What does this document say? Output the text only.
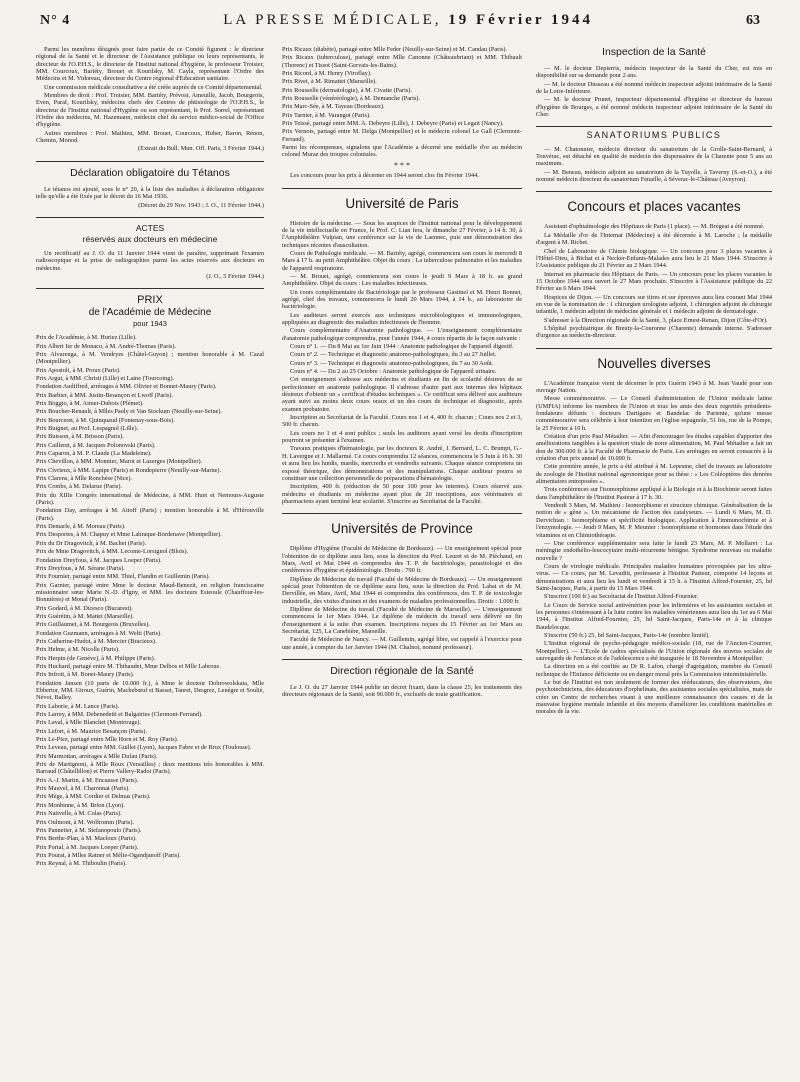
N° 4	LA PRESSE MÉDICALE, 19 Février 1944	63

Parmi les membres désignés pour faire partie de ce Comité figurent : le directeur régional de la Santé et le directeur de l'Assistance publique ou leurs représentants, le directeur de l'O.P.H.S., le directeur de l'Institut national d'hygiène, le professeur Troisier, MM. Courcoux, Bariéty, Brouet et Kourilsky, M. Cayla, représentant l'Ordre des Médecins et M. Vidoreau, directeur du Centre régional d'Education sanitaire.

Une commission médicale consultative a été créée auprès de ce Comité départemental.

Membres de droit : Prof. Troisier, MM. Bariéty, Prévost, Ameuille, Jacob, Bourgeois, Even, Paraf, Kourilsky, médecins chefs des Centres de phtisiologie de l'O.P.H.S., le directeur de l'Institut national d'Hygiène ou son représentant, le Prof. Sorrel, représentant l'Ordre des médecins, M. Hazemann, médecin chef du service médico-social de l'Office d'hygiène.

Autres membres : Prof. Mathieu, MM. Brouet, Courcoux, Huber, Baron, Rénon, Chemin, Monod.

(Extrait du Bull. Mun. Off. Paris, 3 Février 1944.)

Déclaration obligatoire du Tétanos

Le tétanos est ajouté, sous le n° 20, à la liste des maladies à déclaration obligatoire telle qu'elle a été fixée par le décret du 16 Mai 1936.

(Décret du 29 Nov. 1943 ; J. O., 11 Février 1944.)

ACTES
réservés aux docteurs en médecine

Un rectificatif au J. O. du 11 Janvier 1944 vient de paraître, supprimant l'examen radioscopique et la prise de radiographies parmi les actes réservés aux docteurs en médecine.

(J. O., 5 Février 1944.)

PRIX
de l'Académie de Médecine
pour 1943

Prix de l'Académie, à M. Huriez (Lille).

Prix Albert Ier de Monaco, à M. André-Thomas (Paris).

Prix Alvarenga, à M. Vendryes (Châtel-Guyon) ; mention honorable à M. Cazal (Montpellier).

Prix Apostoli, à M. Proux (Paris).

Prix Argut, à MM. Christi (Lille) et Laine (Tourcoing).

Fondation Audiffred, arrérages à MM. Olivier et Bonnet-Maury (Paris).

Prix Barbier, à MM. Justin-Besançon et Lwoff (Paris).

Prix Boggio, à M. Aimer-Dubois (Plémet).

Prix Boucher-Renault, à Mlles Pauly et Van Stockum (Neuilly-sur-Seine).

Prix Bourceret, à M. Quinquaud (Fontenay-sous-Bois).

Prix Buignet, au Prof. Lespagnol (Lille).

Prix Buisson, à M. Brisson (Paris).

Prix Cailleret, à M. Jacques Polonovski (Paris).

Prix Caparon, à M. P. Claude (La Madeleine).

Prix Chevillon, à MM. Monnier, Marot et Lazerges (Montpellier).

Prix Civrieux, à MM. Lapipe (Paris) et Rondepierre (Neuilly-sur-Marne).

Prix Clarens, à Mlle Ronchèse (Nice).

Prix Combs, à M. Delarue (Paris).

Prix du XIIIe Congrès international de Médecine, à MM. Huet et Nemours-Auguste (Paris).

Fondation Day, arrérages à M. Aitoff (Paris) ; mention honorable à M. d'Hérouville (Paris).

Prix Demarle, à M. Moreau (Paris).

Prix Desportes, à M. Chapuy et Mme Labraque-Bordenave (Montpellier).

Prix du Dr Dragovitch, à M. Bachet (Paris).

Prix de Mme Dragovitch, à MM. Leconte-Lorsignol (Blois).

Fondation Dreyfous, à M. Jacques Loeper (Paris).

Prix Dreyfous, à M. Sérane (Paris).

Prix Fournier, partagé entre MM. Thiel, Flandin et Guillemin (Paris).

Prix Garnier, partagé entre Mme le docteur Maud-Benezit, en religion franciscaine missionnaire sœur Marie N.-D. d'Igny, et MM. les docteurs Esteoule (Chauffour-les-Bonnières) et Monal (Paris).

Prix Godard, à M. Dicesco (Bucarest).

Prix Guérétin, à M. Mattei (Marseille).

Prix Guillaumet, à M. Bourgeois (Bruxelles).

Fondation Guzmann, arrérages à M. Welti (Paris).

Prix Catherine-Hudot, à M. Mercier (Bracieux).

Prix Helme, à M. Nicolle (Paris).

Prix Herpin (de Genève), à M. Philippe (Paris).

Prix Huchard, partagé entre M. Thibaudet, Mme Delbos et Mlle Labroue.

Prix Infroit, à M. Bonet-Maury (Paris).

Fondation Jansen (10 parts de 10.000 fr.), à Mme le docteur Dobrowolskaia, Mlle Ebbertor, MM. Giroux, Guérin, Machebœuf et Basset, Tanret, Desgrez, Lenègre et Soulié, Névot, Balley.

Prix Laborie, à M. Lance (Paris).

Prix Larrey, à MM. Debenedetti et Balgairies (Clermont-Ferrand).

Prix Laval, à Mlle Blanchet (Montrouge).

Prix Lefort, à M. Maurice Besançon (Paris).

Prix Le-Piez, partagé entre Mlle Horn et M. Roy (Paris).

Prix Leveau, partagé entre MM. Guillet (Lyon), Jacques Fabre et de Brux (Toulouse).

Prix Marmottan, arrérages à Mlle Dufau (Paris).

Prix de Martignoni, à Mlle Roux (Versailles) ; deux mentions très honorables à MM. Barraud (Châtellillon) et Pierre Vallery-Radot (Paris).

Prix A.-J. Martin, à M. Encausse (Paris).

Prix Mauvel, à M. Charonnat (Paris).

Prix Mège, à MM. Cordier et Delmas (Paris).

Prix Monbinne, à M. Brion (Lyon).

Prix Nativelle, à M. Colas (Paris).

Prix Oulmont, à M. Wolfromm (Paris).

Prix Pannetier, à M. Stefanopoulo (Paris).

Prix Berthe-Plan, à M. Macloux (Paris).

Prix Portal, à M. Jacques Loeper (Paris).

Prix Pourat, à Mlles Ratner et Mélie-Ogandjanoff (Paris).

Prix Reynal, à M. Thiboulin (Paris).

Prix Ricaux (diabète), partagé entre Mlle Feder (Neuilly-sur-Seine) et M. Candau (Paris).

Prix Ricaux (tuberculose), partagé entre Mlle Canonne (Châteaubriant) et MM. Thibault (Thorenc) et Tissot (Saint-Gervais-les-Bains).

Prix Ricord, à M. Henry (Viroflay).

Prix Rivet, à M. Rimattei (Marseille).

Prix Rousselle (dermatologie), à M. Civatte (Paris).

Prix Rousselle (vénéréologie), à M. Demanche (Paris).

Prix Marc-Sée, à M. Tayeau (Bordeaux).

Prix Tarnier, à M. Varangot (Paris).

Prix Teissé, partagé entre MM. A. Debeyre (Lille), J. Debeyre (Paris) et Legait (Nancy).

Prix Vernois, partagé entre M. Delga (Montpellier) et le médecin colonel Le Gall (Clermont-Ferrand).

Parmi les récompenses, signalons que l'Académie a décerné une médaille d'or au médecin colonel Muraz des troupes coloniales.

* * *

Les concours pour les prix à décerner en 1944 seront clos fin Février 1944.

Université de Paris

Histoire de la médecine. — Sous les auspices de l'Institut national pour le développement de la vie intellectuelle en France, le Prof. C. Lian fera, le dimanche 27 Février, à 14 h. 30, à l'Amphithéâtre Vulpian, une conférence sur la vie de Laennec, puis une démonstration des techniques récentes d'auscultation.

Cours de Pathologie médicale. — M. Bariéty, agrégé, commencera son cours le mercredi 8 Mars à 17 h. au petit Amphithéâtre. Objet du cours : La tuberculose pulmonaire et les maladies de l'appareil respiratoire.

— M. Brouet, agrégé, commencera son cours le jeudi 9 Mars à 18 h. au grand Amphithéâtre. Objet du cours : Les maladies infectieuses.

Un cours complémentaire de Bactériologie par le professeur Gastinel et M. Henri Bonnet, agrégé, chef des travaux, commencera le lundi 20 Mars 1944, à 14 h., au laboratoire de bactériologie.

Les auditeurs seront exercés aux techniques microbiologiques et immunologiques, appliquées au diagnostic des maladies infectieuses de l'homme.

Cours complémentaire d'Anatomie pathologique. — L'enseignement complémentaire d'anatomie pathologique comprendra, pour l'année 1944, 4 cours répartis de la façon suivante :

Cours n° 1. — Du 8 Mai au 1er Juin 1944 : Anatomie pathologique de l'appareil digestif.

Cours n° 2. — Technique et diagnostic anatomo-pathologiques, du 3 au 27 Juillet.

Cours n° 3. — Technique et diagnostic anatomo-pathologiques, du 7 au 30 Août.

Cours n° 4. — Du 2 au 25 Octobre : Anatomie pathologique de l'appareil urinaire.

Cet enseignement s'adresse aux médecins et étudiants en fin de scolarité désireux de se perfectionner en anatomie pathologique. Il s'adresse d'autre part aux internes des hôpitaux désireux d'obtenir un « certificat d'études techniques ». Ce certificat sera délivré aux auditeurs ayant suivi au moins deux cours oraux et un des cours de technique et diagnostic, après examen probatoire.

Inscription au Secrétariat de la Faculté. Cours nos 1 et 4, 400 fr. chacun ; Cours nos 2 et 3, 500 fr. chacun.

Les cours no 1 et 4 sont publics ; seuls les auditeurs ayant versé les droits d'inscription pourront se présenter à l'examen.

Travaux pratiques d'hématologie, par les docteurs R. André, J. Bernard, L. C. Brumpt, G.-H. Lavergne et J. Mallarmé. Ce cours comprendra 12 séances, commencera le 5 Juin à 16 h. 30 et aura lieu les lundis, mardis, mercredis et vendredis suivants. Chaque séance comportera un exposé théorique, des démonstrations et des manipulations. Chaque auditeur pourra se constituer une collection personnelle de préparations d'hématologie.

Inscription, 400 fr. (réduction de 50 pour 100 pour les internes). Cours réservé aux médecins et étudiants en médecine ayant plus de 20 inscriptions, aux vétérinaires et pharmaciens ayant terminé leur scolarité. S'inscrire au Secrétariat de la Faculté.

Universités de Province

Diplôme d'Hygiène (Faculté de Médecine de Bordeaux). — Un enseignement spécial pour l'obtention de ce diplôme aura lieu, sous la direction du Prof. Leuret et de M. Piéchaud, en Mars, Avril et Mai 1944 et comprendra des T. P. de bactériologie, parasitologie et des conférences d'hygiène et épidémiologie. Droits : 790 fr.

Diplôme de Médecine du travail (Faculté de Médecine de Bordeaux). — Un enseignement spécial pour l'obtention de ce diplôme aura lieu, sous la direction du Prof. Labat et de M. Dervillée, en Mars, Avril, Mai 1944 et comprendra des conférences, des T. P. de toxicologie industrielle, des visites d'usines et des examens de maladies professionnelles. Droits : 1.000 fr.

Diplôme de Médecine du travail (Faculté de Médecine de Marseille). — L'enseignement commencera le 1er Mars 1944. Le diplôme de médecin du travail sera délivré en fin d'enseignement à la suite d'un examen. Inscriptions reçues du 15 Février au 1er Mars au Secrétariat, 125, La Canebière, Marseille.

Faculté de Médecine de Nancy. — M. Guillemin, agrégé libre, est rappelé à l'exercice pour une année, à compter du 1er Janvier 1944 (M. Chalnot, nommé professeur).

Direction régionale de la Santé

Le J. O. du 27 Janvier 1944 publie un décret fixant, dans la classe 25, les traitements des directeurs régionaux de la Santé, soit 90.000 fr., exclusifs de toute gratification.

Inspection de la Santé

— M. le docteur Depierris, médecin inspecteur de la Santé du Cher, est mis en disponibilité sur sa demande pour 2 ans.

— M. le docteur Dusseau a été nommé médecin inspecteur adjoint intérimaire de la Santé de la Loire-Inférieure.

— M. le docteur Prunet, inspecteur départemental d'hygiène et directeur du bureau d'hygiène de Bourges, a été nommé médecin inspecteur adjoint intérimaire de la Santé du Cher.

SANATORIUMS PUBLICS

— M. Chatonnier, médecin directeur du sanatorium de la Grolle-Saint-Bernard, à Touvérac, est détaché en qualité de médecin des dispensaires de la Charente pour 5 ans au maximum.

— M. Beneau, médecin adjoint au sanatorium de la Tuyolle, à Taverny (S.-et-O.), a été nommé médecin directeur du sanatorium Fenaille, à Séverac-le-Château (Aveyron).

Concours et places vacantes

Assistant d'ophtalmologie des Hôpitaux de Paris (1 place). — M. Brégeat a été nommé.

La Médaille d'or de l'Internat (Médecine) a été décernée à M. Laroche ; la médaille d'argent à M. Richet.

Chef de Laboratoire de Chimie biologique. — Un concours pour 3 places vacantes à l'Hôtel-Dieu, à Bichat et à Necker-Enfants-Malades aura lieu le 21 Mars 1944. S'inscrire à l'Assistance publique du 21 Février au 2 Mars 1944.

Internat en pharmacie des Hôpitaux de Paris. — Un concours pour les places vacantes le 15 Octobre 1944 sera ouvert le 27 Mars prochain. S'inscrire à l'Assistance publique du 22 Février au 6 Mars 1944.

Hospices de Dijon. — Un concours sur titres et sur épreuves aura lieu courant Mai 1944 en vue de la nomination de : 1 chirurgien urologiste adjoint, 1 chirurgien adjoint de chirurgie infantile, 1 médecin adjoint de médecine générale et 1 médecin adjoint de dermatologie.

S'adresser à la Direction régionale de la Santé, 3, place Ernest-Renan, Dijon (Côte-d'Or).

L'hôpital psychiatrique de Breuty-la-Couronne (Charente) demande interne. S'adresser d'urgence au médecin-directeur.

Nouvelles diverses

L'Académie française vient de décerner le prix Guérin 1943 à M. Jean Vaudé pour son ouvrage Nation.

Messe commémorative. — Le Conseil d'administration de l'Union médicale latine (UMFIA) informe les membres de l'Union et tous les amis des deux regrettés présidents-fondateurs défunts : docteurs Dartigues et Bandelac de Pariente, qu'une messe commémorative sera célébrée à leur intention en l'église espagnole, 51 bis, rue de la Pompe, le 25 Février à 10 h.

Création d'un prix Paul Métadier. — Afin d'encourager les études capables d'apporter des améliorations tangibles à la question vitale de notre alimentation, M. Paul Métadier a fait un don de 300.000 fr. à la Faculté de Pharmacie de Paris. Les arrérages en seront consacrés à la création d'un prix annuel de 10.000 fr.

Cette première année, le prix a été attribué à M. Lepesme, chef de travaux au laboratoire de zoologie de l'Institut national agronomique pour sa thèse : « Les Coléoptères des denrées alimentaires entreposées ».

Trois conférences sur l'isomorphisme appliqué à la Biologie et à la Biochimie seront faites dans l'amphithéâtre de l'Institut Pasteur à 17 h. 30.

Vendredi 3 Mars, M. Mathieu : Isomorphisme et structure chimique. Généralisation de la notion de « gène ». Un mécanisme de l'action des catalyseurs. — Lundi 6 Mars, M. D. Dervichian : Isomorphisme et spécificité biologique. Application à l'immunochimie et à l'enzymologie. — Jeudi 9 Mars, M. P. Meunier : Isomorphisme et hormones dans l'étude des vitamines et en Chimiothérapie.

— Une conférence supplémentaire sera faite le lundi 23 Mars, M. P. Mollaret : La méningite endothélio-leucocytaire multi-récurrente bénigne. Syndrome nouveau ou maladie nouvelle ?

Cours de virologie médicale. Principales maladies humaines provoquées par les ultra-virus. — Ce cours, par M. Levaditi, professeur à l'Institut Pasteur, comporte 14 leçons et démonstrations et aura lieu les lundi et vendredi à 15 h. à l'Institut Alfred-Fournier, 25, bd Saint-Jacques, Paris, à partir du 15 Mars 1944.

S'inscrire (100 fr.) au Secrétariat de l'Institut Alfred-Fournier.

Le Cours de Service social antivénérien pour les infirmières et les assistantes sociales et les personnes s'intéressant à la lutte contre les maladies vénériennes aura lieu du 1er au 6 Mai 1944, à l'Institut Alfred-Fournier, 25, bd Saint-Jacques, Paris-14e et à la clinique Baudelocque.

S'inscrire (50 fr.) 25, bd Saint-Jacques, Paris-14e (nombre limité).

L'Institut régional de psycho-pédagogie médico-sociale (18, rue de l'Ancien-Courrier, Montpellier). — L'Ecole de cadres spécialisés de l'Union régionale des œuvres sociales de sauvegarde de l'enfance et de l'adolescence a été inaugurée le 18 Novembre à Montpellier.

La direction en a été confiée au Dr R. Lafon, chargé d'agrégation, membre du Conseil technique de l'Enfance déficiente ou en danger moral près la Commission interministérielle.

Le but de l'Institut est non seulement de former des rééducateurs, des observateurs, des psychotechniciens, des éducateurs d'orphelinats, des assistantes sociales spécialisées, mais de créer un Centre de recherches visant à une meilleure connaissance des causes et de la mauvaise hygiène mentale infantile et des moyens d'améliorer les conditions matérielles et morales de la vie.
